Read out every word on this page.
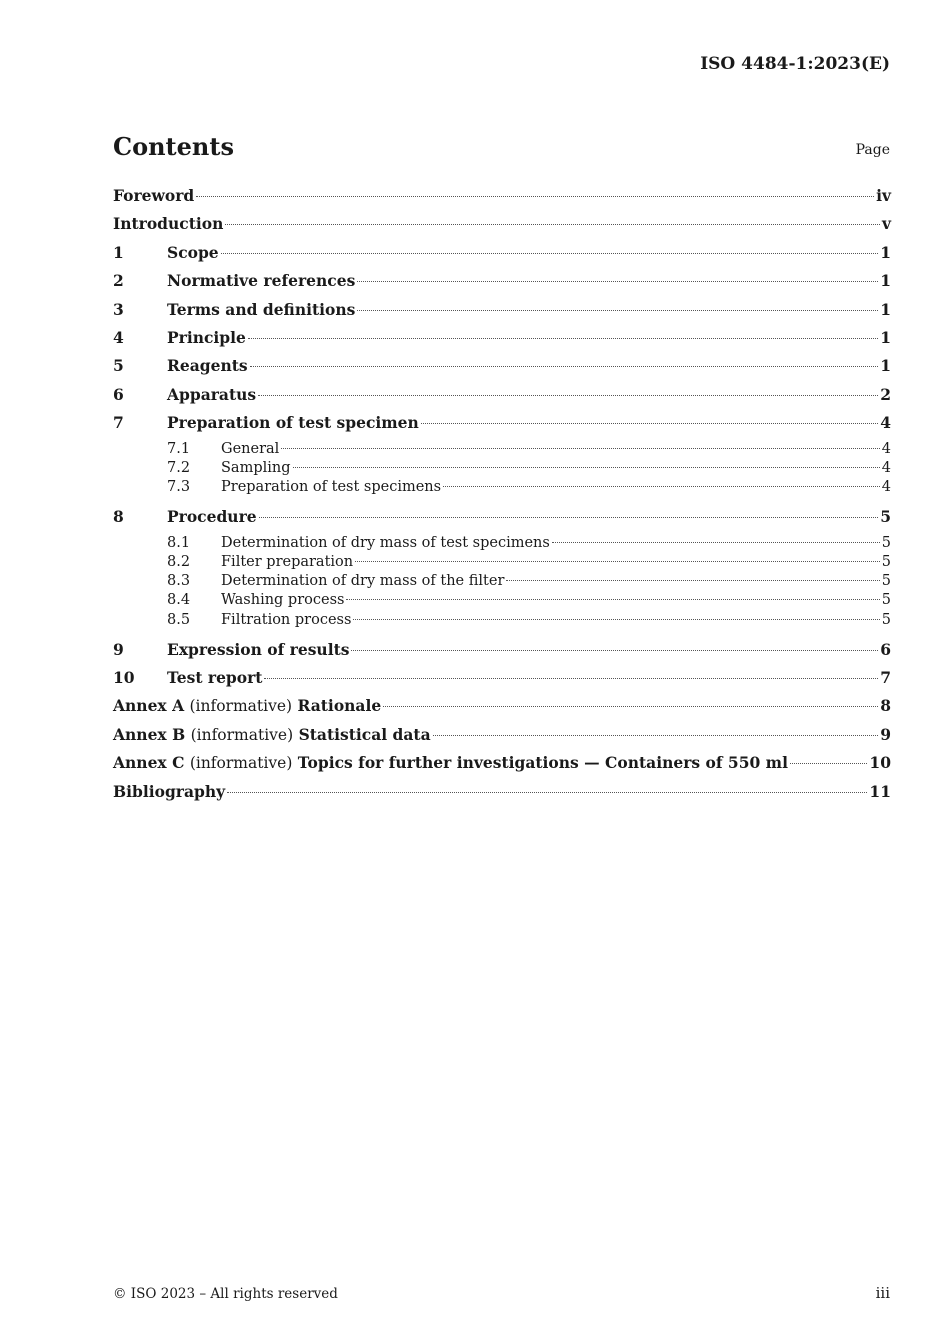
ISO 4484-1:2023(E)
Contents	Page
Foreword	iv
Introduction	v
1	Scope	1
2	Normative references	1
3	Terms and definitions	1
4	Principle	1
5	Reagents	1
6	Apparatus	2
7	Preparation of test specimen	4
7.1	General	4
7.2	Sampling	4
7.3	Preparation of test specimens	4
8	Procedure	5
8.1	Determination of dry mass of test specimens	5
8.2	Filter preparation	5
8.3	Determination of dry mass of the filter	5
8.4	Washing process	5
8.5	Filtration process	5
9	Expression of results	6
10	Test report	7
Annex A (informative) Rationale	8
Annex B (informative) Statistical data	9
Annex C (informative) Topics for further investigations — Containers of 550 ml	10
Bibliography	11
© ISO 2023 – All rights reserved	iii
